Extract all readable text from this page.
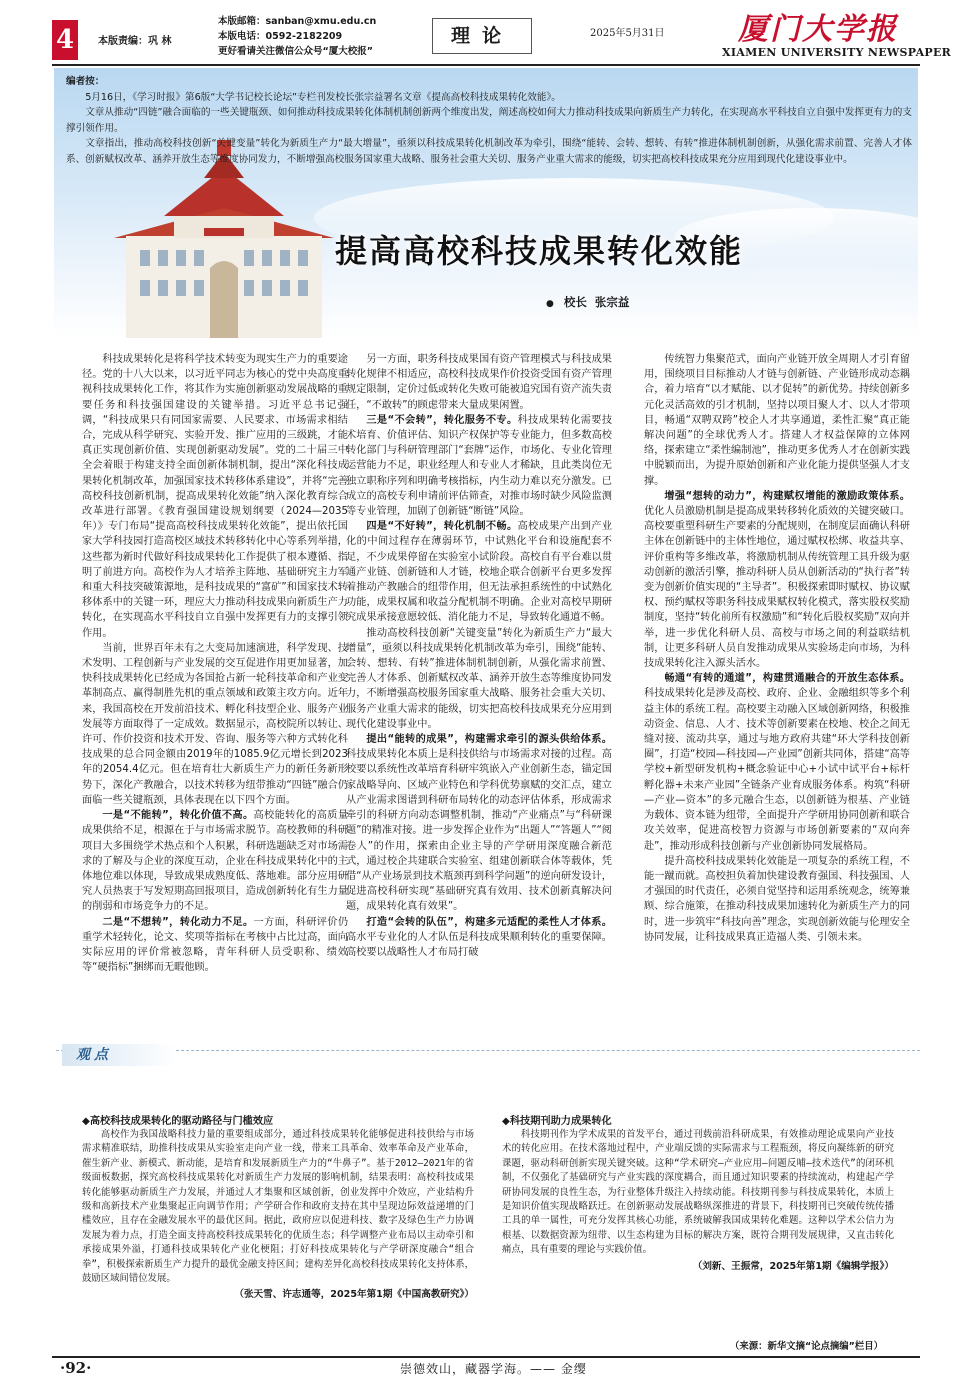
4	本版责编：巩 林
本版邮箱：sanban@xmu.edu.cn
本版电话：0592-2182209
更好看请关注微信公众号“厦大校报”
理论	2025年5月31日 厦门大学报
XIAMEN UNIVERSITY NEWSPAPER

编者按：

5月16日，《学习时报》第6版“大学书记校长论坛”专栏刊发校长张宗益署名文章《提高高校科技成果转化效能》。

文章从推动“四链”融合面临的一些关键瓶颈、如何推动科技成果转化体制机制创新两个维度出发，阐述高校如何大力推动科技成果向新质生产力转化，在实现高水平科技自立自强中发挥更有力的支撑引领作用。

文章指出，推动高校科技创新“关键变量”转化为新质生产力“最大增量”，亟须以科技成果转化机制改革为牵引，围绕“能转、会转、想转、有转”推进体制机制创新，从强化需求前置、完善人才体系、创新赋权改革、涵养开放生态等维度协同发力，不断增强高校服务国家重大战略、服务社会重大关切、服务产业重大需求的能级，切实把高校科技成果充分应用到现代化建设事业中。

提高高校科技成果转化效能
● 校长 张宗益

科技成果转化是将科学技术转变为现实生产力的重要途径。党的十八大以来，以习近平同志为核心的党中央高度重视科技成果转化工作，将其作为实施创新驱动发展战略的重要任务和科技强国建设的关键举措。习近平总书记强调，“科技成果只有同国家需要、人民要求、市场需求相结合，完成从科学研究、实验开发、推广应用的三级跳，才能真正实现创新价值、实现创新驱动发展”。党的二十届三中全会着眼于构建支持全面创新体制机制，提出“深化科技成果转化机制改革，加强国家技术转移体系建设”，并将“完善高校科技创新机制，提高成果转化效能”纳入深化教育综合改革进行部署。《教育强国建设规划纲要（2024—2035年）》专门布局“提高高校科技成果转化效能”，提出依托国家大学科技园打造高校区域技术转移转化中心等系列举措，这些都为新时代做好科技成果转化工作提供了根本遵循、指明了前进方向。高校作为人才培养主阵地、基础研究主力军和重大科技突破策源地，是科技成果的“富矿”和国家技术转移体系中的关键一环，理应大力推动科技成果向新质生产力转化，在实现高水平科技自立自强中发挥更有力的支撑引领作用。

当前，世界百年未有之大变局加速演进，科学发现、技术发明、工程创新与产业发展的交互促进作用更加显著，加快科技成果转化已经成为各国抢占新一轮科技革命和产业变革制高点、赢得制胜先机的重点领域和政策主攻方向。近年来，我国高校在开发前沿技术、孵化科技型企业、服务产业发展等方面取得了一定成效。数据显示，高校院所以转让、许可、作价投资和技术开发、咨询、服务等六种方式转化科技成果的总合同金额由2019年的1085.9亿元增长到2023年的2054.4亿元。但在培育壮大新质生产力的新任务新形势下，深化产教融合，以技术转移为纽带推动“四链”融合仍面临一些关键瓶颈，具体表现在以下四个方面。

一是“不能转”，转化价值不高。高校能转化的高质量成果供给不足，根源在于与市场需求脱节。高校教师的科研项目大多围绕学术热点和个人积累，科研选题缺乏对市场需求的了解及与企业的深度互动，企业在科技成果转化中的主体地位难以体现，导致成果成熟度低、落地难。部分应用研究人员热衷于写发短期高回报项目，造成创新转化有生力量的削弱和市场竞争力的不足。

二是“不想转”，转化动力不足。一方面，科研评价仍重学术轻转化，论文、奖项等指标在考核中占比过高，面向实际应用的评价常被忽略，青年科研人员受职称、绩效等“硬指标”捆绑而无暇他顾。

另一方面，职务科技成果国有资产管理模式与科技成果转化规律不相适应，高校科技成果作价投资受国有资产管理规定限制，定价过低或转化失败可能被追究国有资产流失责任，“不敢转”的顾虑带来大量成果闲置。

三是“不会转”，转化服务不专。科技成果转化需要技术培育、价值评估、知识产权保护等专业能力，但多数高校转化部门与科研管理部门“套牌”运作，市场化、专业化管理运营能力不足，职业经理人和专业人才稀缺，且此类岗位无独立职称序列和明确考核指标，内生动力难以充分激发。已成立的高校专利申请前评估筛查，对推市场时缺少风险监测等专业管理，加剧了创新链“断链”风险。

四是“不好转”，转化机制不畅。高校成果产出到产业化的中间过程存在薄弱环节，中试熟化平台和设施配套不足，不少成果停留在实验室小试阶段。高校自有平台难以贯通产业链、创新链和人才链，校地企联合创新平台更多发挥着推动产教融合的纽带作用，但无法承担系统性的中试熟化功能，成果权属和收益分配机制不明确。企业对高校早期研究成果承接意愿较低、消化能力不足，导致转化通道不畅。

推动高校科技创新“关键变量”转化为新质生产力“最大增量”，亟须以科技成果转化机制改革为牵引，围绕“能转、会转、想转、有转”推进体制机制创新，从强化需求前置、完善人才体系、创新赋权改革、涵养开放生态等维度协同发力，不断增强高校服务国家重大战略、服务社会重大关切、服务产业重大需求的能级，切实把高校科技成果充分应用到现代化建设事业中。

提出“能转的成果”，构建需求牵引的源头供给体系。科技成果转化本质上是科技供给与市场需求对接的过程。高校要以系统性改革培育科研牢筑嵌入产业创新生态，锚定国家战略导向、区域产业特色和学科优势禀赋的交汇点，建立从产业需求图谱到科研布局转化的动态评估体系，形成需求牵引的科研方向动态调整机制，推动“产业痛点”与“科研课题”的精准对接。进一步发挥企业作为“出题人”“答题人”“阅卷人”的作用，探索由企业主导的产学研用深度融合新范式，通过校企共建联合实验室、组建创新联合体等载体，凭借“从产业场景到技术瓶颈再到科学问题”的逆向研发设计，促进高校科研实现“基础研究真有效用、技术创新真解决问题，成果转化真有效果”。

打造“会转的队伍”，构建多元适配的柔性人才体系。高水平专业化的人才队伍是科技成果顺利转化的重要保障。高校要以战略性人才布局打破

传统智力集聚范式，面向产业链开放全周期人才引育留用，围绕项目目标推动人才链与创新链、产业链形成动态耦合，着力培育“以才赋能、以才促转”的新优势。持续创新多元化灵活高效的引才机制，坚持以项目聚人才、以人才带项目，畅通“双聘双跨”校企人才共享通道，柔性汇聚“真正能解决问题”的全球优秀人才。搭建人才权益保障的立体网络，探索建立“柔性编制池”，推动更多优秀人才在创新实践中脱颖而出，为提升原始创新和产业化能力提供坚强人才支撑。

增强“想转的动力”，构建赋权增能的激励政策体系。优化人员激励机制是提高成果转移转化质效的关键突破口。高校要重塑科研生产要素的分配规则，在制度层面确认科研主体在创新链中的主体性地位，通过赋权松绑、收益共享、评价重构等多维改革，将激励机制从传统管理工具升级为驱动创新的激活引擎，推动科研人员从创新活动的“执行者”转变为创新价值实现的“主导者”。积极探索即时赋权、协议赋权、预约赋权等职务科技成果赋权转化模式，落实股权奖励制度，坚持“转化前所有权激励”和“转化后股权奖励”双向并举，进一步优化科研人员、高校与市场之间的利益联结机制，让更多科研人员自发推动成果从实验场走向市场，为科技成果转化注入源头活水。

畅通“有转的通道”，构建贯通融合的开放生态体系。科技成果转化是涉及高校、政府、企业、金融组织等多个利益主体的系统工程。高校要主动融入区域创新网络，积极推动资金、信息、人才、技术等创新要素在校地、校企之间无缝对接、流动共享，通过与地方政府共建“环大学科技创新圈”，打造“校园—科技园—产业园”创新共同体，搭建“高等学校+新型研发机构+概念验证中心+小试中试平台+标杆孵化器+未来产业园”全链条产业育成服务体系。构筑“科研—产业—资本”的多元融合生态，以创新链为根基、产业链为载体、资本链为纽带，全面提升产学研用协同创新和联合攻关效率，促进高校智力资源与市场创新要素的“双向奔赴”，推动形成科技创新与产业创新协同发展格局。

提升高校科技成果转化效能是一项复杂的系统工程，不能一蹴而就。高校担负着加快建设教育强国、科技强国、人才强国的时代责任，必须自觉坚持和运用系统观念，统筹兼顾、综合施策，在推动科技成果加速转化为新质生产力的同时，进一步筑牢“科技向善”理念，实现创新效能与伦理安全协同发展，让科技成果真正造福人类、引领未来。

观点
◆高校科技成果转化的驱动路径与门槛效应

高校作为我国战略科技力量的重要组成部分，通过科技成果转化能够促进科技供给与市场需求精准联结，助推科技成果从实验室走向产业一线，带来工具革命、效率革命及产业革命，催生新产业、新模式、新动能，是培育和发展新质生产力的“牛鼻子”。基于2012—2021年的省级面板数据，探究高校科技成果转化对新质生产力发展的影响机制，结果表明：高校科技成果转化能够驱动新质生产力发展，并通过人才集聚和区域创新，创业发挥中介效应，产业结构升级和高新技术产业集聚起正向调节作用；产学研合作和政府支持在其中呈现边际效益递增的门槛效应，且存在金融发展水平的最优区间。据此，政府应以促进科技、数字及绿色生产力协调发展为着力点，打造全面支持高校科技成果转化的优质生态；科学调整产业布局以主动牵引和承接成果外溢，打通科技成果转化产业化梗阻；打好科技成果转化与产学研深度融合“组合拳”，积极探索新质生产力提升的最优金融支持区间；建构差异化高校科技成果转化支持体系，鼓励区域间错位发展。

（张天雪、许志通等，2025年第1期《中国高教研究》）
◆科技期刊助力成果转化

科技期刊作为学术成果的首发平台，通过刊载前沿科研成果，有效推动理论成果向产业技术的转化应用。在技术落地过程中，产业端反馈的实际需求与工程瓶颈，将反向凝练新的研究课题，驱动科研创新实现关键突破。这种“学术研究—产业应用—问题反哺—技术迭代”的闭环机制，不仅强化了基础研究与产业实践的深度耦合，而且通过知识要素的持续流动，构建起产学研协同发展的良性生态，为行业整体升级注入持续动能。科技期刊参与科技成果转化，本质上是知识价值实现战略跃迁。在创新驱动发展战略纵深推进的背景下，科技期刊已突破传统传播工具的单一属性，可充分发挥其核心功能，系统破解我国成果转化难题。这种以学术公信力为根基、以数据资源为纽带、以生态构建为目标的解决方案，既符合期刊发展规律，又直击转化痛点，具有重要的理论与实践价值。

（刘新、王振常，2025年第1期《编辑学报》）
（来源：新华文摘“论点摘编”栏目）
·92·	崇德效山，藏器学海。—— 金缨
